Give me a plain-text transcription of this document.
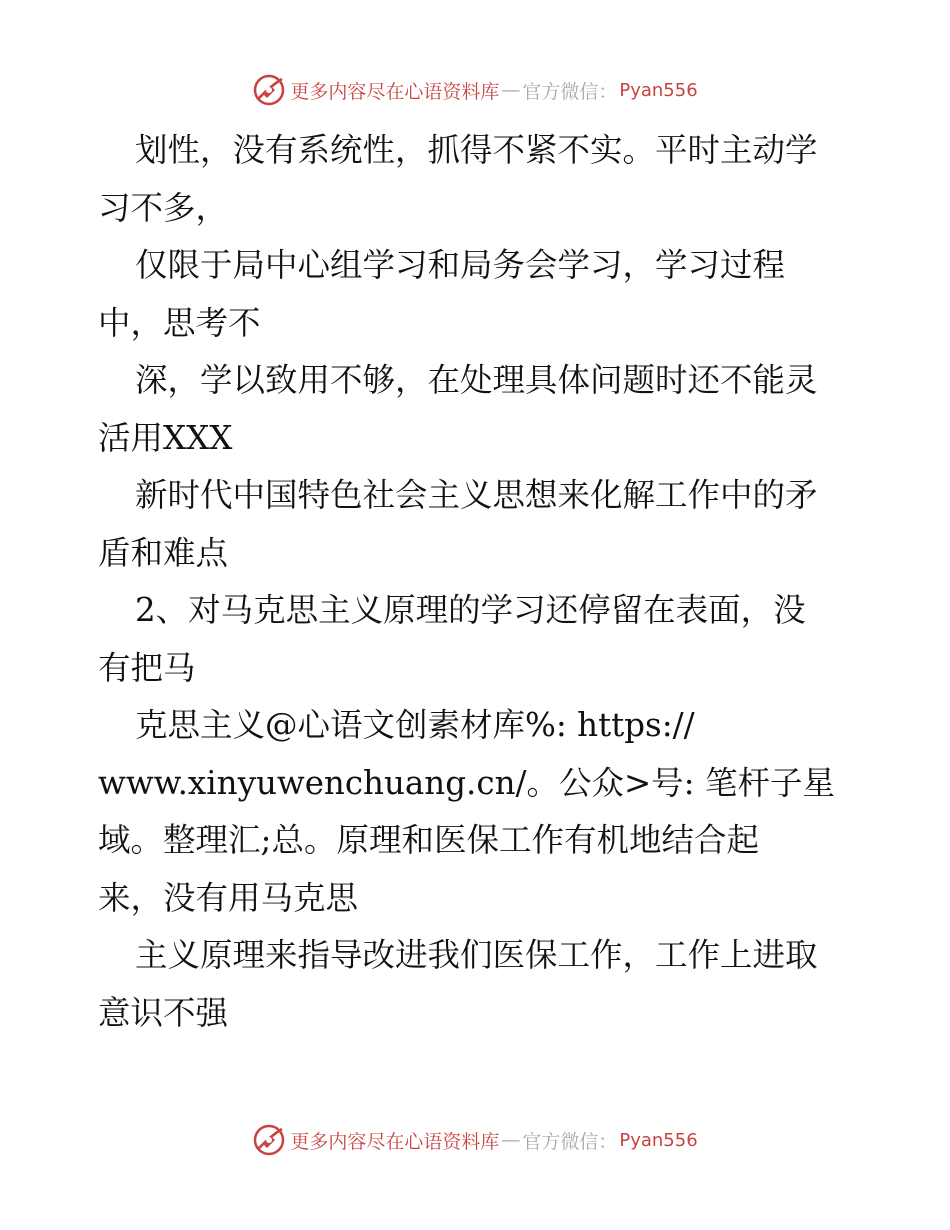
更多内容尽在心语资料库 — 官方微信： Pyan556
划性，没有系统性，抓得不紧不实。平时主动学
习不多，
仅限于局中心组学习和局务会学习，学习过程
中，思考不
深，学以致用不够，在处理具体问题时还不能灵
活用XXX
新时代中国特色社会主义思想来化解工作中的矛
盾和难点
2、对马克思主义原理的学习还停留在表面，没
有把马
克思主义@心语文创素材库%: https://
www.xinyuwenchuang.cn/。公众>号: 笔杆子星
域。整理汇;总。原理和医保工作有机地结合起
来，没有用马克思
主义原理来指导改进我们医保工作，工作上进取
意识不强
更多内容尽在心语资料库 — 官方微信： Pyan556
